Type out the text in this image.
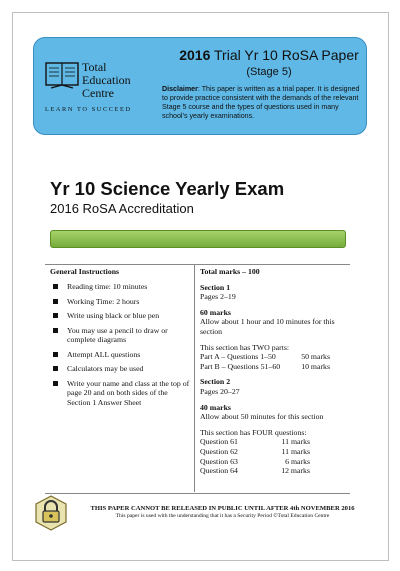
Total
Education
Centre
LEARN TO SUCCEED
2016 Trial Yr 10 RoSA Paper
(Stage 5)
Disclaimer: This paper is written as a trial paper. It is designed to provide practice consistent with the demands of the relevant Stage 5 course and the types of questions used in many school’s yearly examinations.
Yr 10 Science Yearly Exam
2016 RoSA Accreditation
General Instructions
Reading time: 10 minutes
Working Time: 2 hours
Write using black or blue pen
You may use a pencil to draw or complete diagrams
Attempt ALL questions
Calculators may be used
Write your name and class at the top of page 20 and on both sides of the Section 1 Answer Sheet
Total marks – 100
Section 1
Pages 2–19
60 marks
Allow about 1 hour and 10 minutes for this section
This section has TWO parts:
Part A – Questions 1–50	50 marks
Part B – Questions 51–60	10 marks
Section 2
Pages 20–27
40 marks
Allow about 50 minutes for this section
This section has FOUR questions:
Question 61	11 marks
Question 62	11 marks
Question 63	6 marks
Question 64	12 marks
THIS PAPER CANNOT BE RELEASED IN PUBLIC UNTIL AFTER 4th NOVEMBER 2016
This paper is used with the understanding that it has a Security Period ©Total Education Centre
